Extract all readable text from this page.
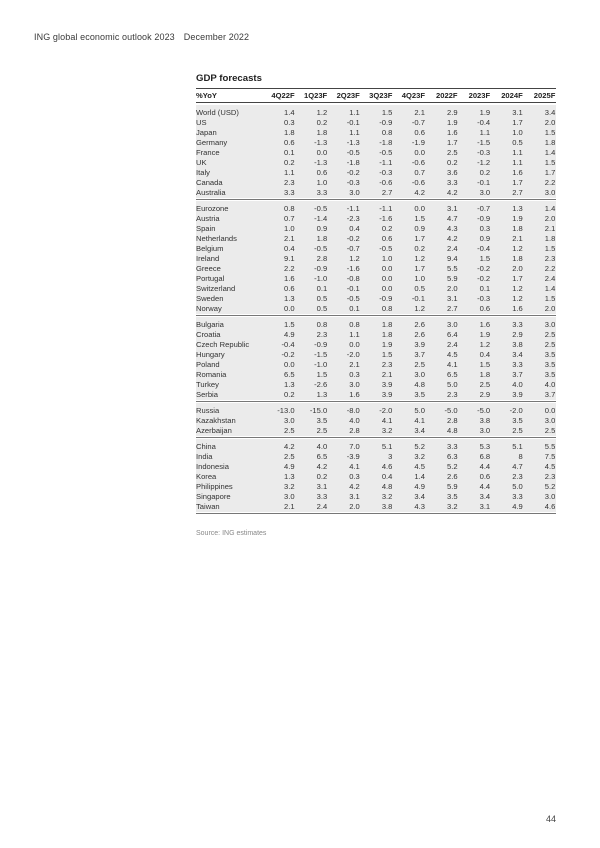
ING global economic outlook 2023 December 2022
GDP forecasts
%YoY	4Q22F	1Q23F	2Q23F	3Q23F	4Q23F	2022F	2023F	2024F	2025F
World (USD)	1.4	1.2	1.1	1.5	2.1	2.9	1.9	3.1	3.4
US	0.3	0.2	-0.1	-0.9	-0.7	1.9	-0.4	1.7	2.0
Japan	1.8	1.8	1.1	0.8	0.6	1.6	1.1	1.0	1.5
Germany	0.6	-1.3	-1.3	-1.8	-1.9	1.7	-1.5	0.5	1.8
France	0.1	0.0	-0.5	-0.5	0.0	2.5	-0.3	1.1	1.4
UK	0.2	-1.3	-1.8	-1.1	-0.6	0.2	-1.2	1.1	1.5
Italy	1.1	0.6	-0.2	-0.3	0.7	3.6	0.2	1.6	1.7
Canada	2.3	1.0	-0.3	-0.6	-0.6	3.3	-0.1	1.7	2.2
Australia	3.3	3.3	3.0	2.7	4.2	4.2	3.0	2.7	3.0
Eurozone	0.8	-0.5	-1.1	-1.1	0.0	3.1	-0.7	1.3	1.4
Austria	0.7	-1.4	-2.3	-1.6	1.5	4.7	-0.9	1.9	2.0
Spain	1.0	0.9	0.4	0.2	0.9	4.3	0.3	1.8	2.1
Netherlands	2.1	1.8	-0.2	0.6	1.7	4.2	0.9	2.1	1.8
Belgium	0.4	-0.5	-0.7	-0.5	0.2	2.4	-0.4	1.2	1.5
Ireland	9.1	2.8	1.2	1.0	1.2	9.4	1.5	1.8	2.3
Greece	2.2	-0.9	-1.6	0.0	1.7	5.5	-0.2	2.0	2.2
Portugal	1.6	-1.0	-0.8	0.0	1.0	5.9	-0.2	1.7	2.4
Switzerland	0.6	0.1	-0.1	0.0	0.5	2.0	0.1	1.2	1.4
Sweden	1.3	0.5	-0.5	-0.9	-0.1	3.1	-0.3	1.2	1.5
Norway	0.0	0.5	0.1	0.8	1.2	2.7	0.6	1.6	2.0
Bulgaria	1.5	0.8	0.8	1.8	2.6	3.0	1.6	3.3	3.0
Croatia	4.9	2.3	1.1	1.8	2.6	6.4	1.9	2.9	2.5
Czech Republic	-0.4	-0.9	0.0	1.9	3.9	2.4	1.2	3.8	2.5
Hungary	-0.2	-1.5	-2.0	1.5	3.7	4.5	0.4	3.4	3.5
Poland	0.0	-1.0	2.1	2.3	2.5	4.1	1.5	3.3	3.5
Romania	6.5	1.5	0.3	2.1	3.0	6.5	1.8	3.7	3.5
Turkey	1.3	-2.6	3.0	3.9	4.8	5.0	2.5	4.0	4.0
Serbia	0.2	1.3	1.6	3.9	3.5	2.3	2.9	3.9	3.7
Russia	-13.0	-15.0	-8.0	-2.0	5.0	-5.0	-5.0	-2.0	0.0
Kazakhstan	3.0	3.5	4.0	4.1	4.1	2.8	3.8	3.5	3.0
Azerbaijan	2.5	2.5	2.8	3.2	3.4	4.8	3.0	2.5	2.5
China	4.2	4.0	7.0	5.1	5.2	3.3	5.3	5.1	5.5
India	2.5	6.5	-3.9	3	3.2	6.3	6.8	8	7.5
Indonesia	4.9	4.2	4.1	4.6	4.5	5.2	4.4	4.7	4.5
Korea	1.3	0.2	0.3	0.4	1.4	2.6	0.6	2.3	2.3
Philippines	3.2	3.1	4.2	4.8	4.9	5.9	4.4	5.0	5.2
Singapore	3.0	3.3	3.1	3.2	3.4	3.5	3.4	3.3	3.0
Taiwan	2.1	2.4	2.0	3.8	4.3	3.2	3.1	4.9	4.6
Source: ING estimates
44
